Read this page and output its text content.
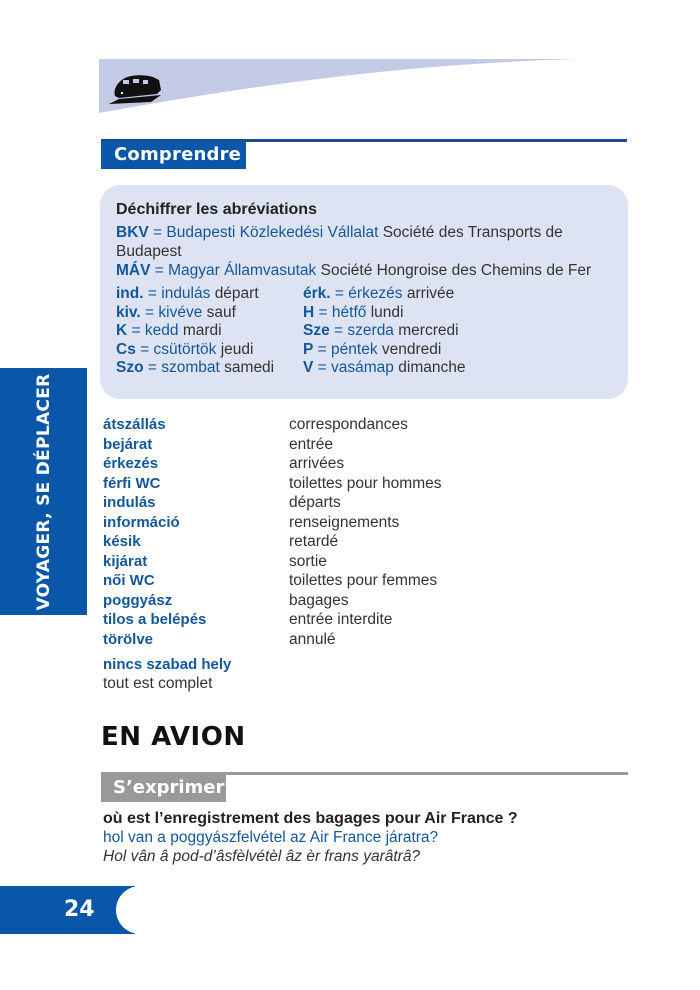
Comprendre
Déchiffrer les abréviations
BKV = Budapesti Közlekedési Vállalat Société des Transports de Budapest
MÁV = Magyar Államvasutak Société Hongroise des Chemins de Fer
ind. = indulás départ	érk. = érkezés arrivée
kiv. = kivéve sauf	H = hétfő lundi
K = kedd mardi	Sze = szerda mercredi
Cs = csütörtök jeudi	P = péntek vendredi
Szo = szombat samedi	V = vasámap dimanche
átszállás	correspondances
bejárat	entrée
érkezés	arrivées
férfi WC	toilettes pour hommes
indulás	départs
információ	renseignements
késik	retardé
kijárat	sortie
női WC	toilettes pour femmes
poggyász	bagages
tilos a belépés	entrée interdite
törölve	annulé
nincs szabad hely
tout est complet
EN AVION
S’exprimer
où est l’enregistrement des bagages pour Air France ?
hol van a poggyászfelvétel az Air France járatra?
Hol vân â pod-d’âsfèlvétèl âz èr frans yarâtrâ?
VOYAGER, SE DÉPLACER
24
